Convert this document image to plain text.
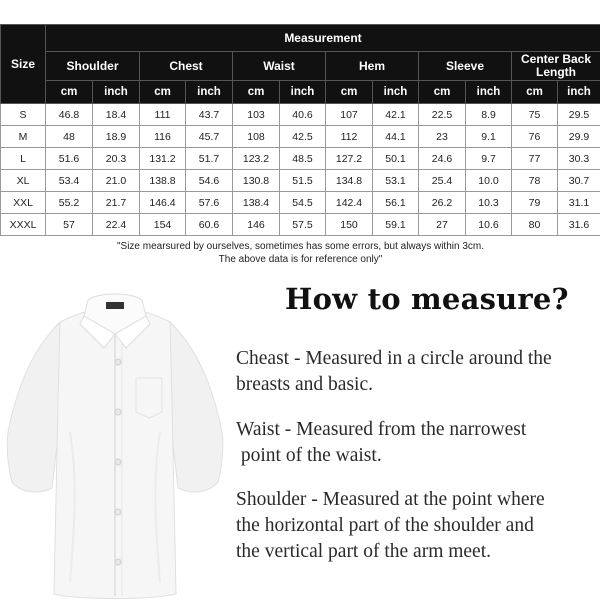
Size	Measurement											
	Shoulder		Chest		Waist		Hem		Sleeve		Center Back Length	
	cm	inch	cm	inch	cm	inch	cm	inch	cm	inch	cm	inch
S	46.8	18.4	111	43.7	103	40.6	107	42.1	22.5	8.9	75	29.5
M	48	18.9	116	45.7	108	42.5	112	44.1	23	9.1	76	29.9
L	51.6	20.3	131.2	51.7	123.2	48.5	127.2	50.1	24.6	9.7	77	30.3
XL	53.4	21.0	138.8	54.6	130.8	51.5	134.8	53.1	25.4	10.0	78	30.7
XXL	55.2	21.7	146.4	57.6	138.4	54.5	142.4	56.1	26.2	10.3	79	31.1
XXXL	57	22.4	154	60.6	146	57.5	150	59.1	27	10.6	80	31.6

"Size mearsured by ourselves, sometimes has some errors, but always within 3cm.
The above data is for reference only"												
How to measure?
Cheast - Measured in a circle around the
breasts and basic.
Waist - Measured from the narrowest
point of the waist.
Shoulder - Measured at the point where
the horizontal part of the shoulder and
the vertical part of the arm meet.
